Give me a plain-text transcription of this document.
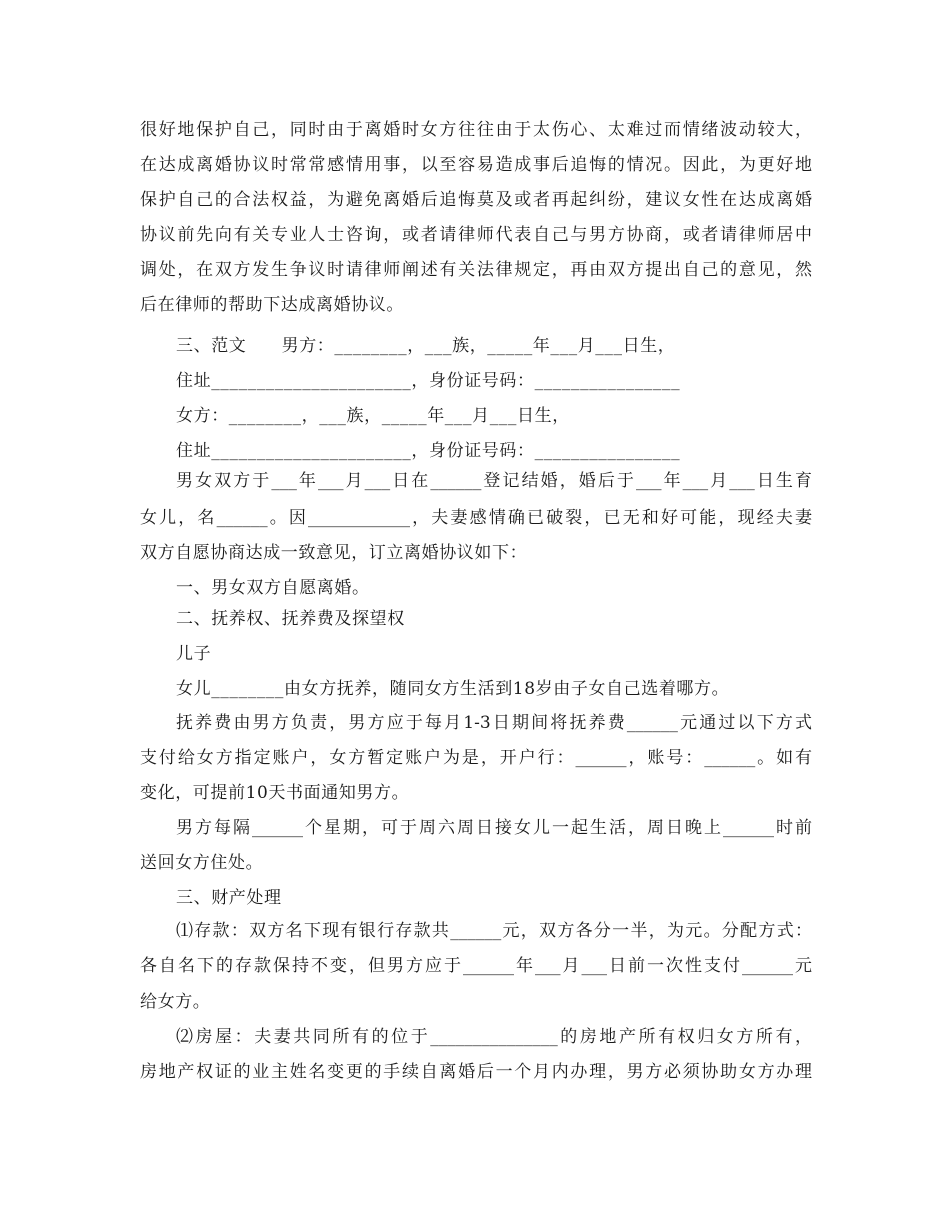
很好地保护自己，同时由于离婚时女方往往由于太伤心、太难过而情绪波动较大，
在达成离婚协议时常常感情用事，以至容易造成事后追悔的情况。因此，为更好地
保护自己的合法权益，为避免离婚后追悔莫及或者再起纠纷，建议女性在达成离婚
协议前先向有关专业人士咨询，或者请律师代表自己与男方协商，或者请律师居中
调处，在双方发生争议时请律师阐述有关法律规定，再由双方提出自己的意见，然
后在律师的帮助下达成离婚协议。
三、范文　　男方：________，___族，_____年___月___日生，
住址______________________，身份证号码：________________
女方：________，___族，_____年___月___日生，
住址______________________，身份证号码：________________
男女双方于___年___月___日在______登记结婚，婚后于___年___月___日生育
女儿，名______。因____________，夫妻感情确已破裂，已无和好可能，现经夫妻
双方自愿协商达成一致意见，订立离婚协议如下：
一、男女双方自愿离婚。
二、抚养权、抚养费及探望权
儿子
女儿________由女方抚养，随同女方生活到18岁由子女自己选着哪方。
抚养费由男方负责，男方应于每月1-3日期间将抚养费______元通过以下方式
支付给女方指定账户，女方暂定账户为是，开户行：______，账号：______。如有
变化，可提前10天书面通知男方。
男方每隔______个星期，可于周六周日接女儿一起生活，周日晚上______时前
送回女方住处。
三、财产处理
⑴存款：双方名下现有银行存款共______元，双方各分一半，为元。分配方式：
各自名下的存款保持不变，但男方应于______年___月___日前一次性支付______元
给女方。
⑵房屋：夫妻共同所有的位于_______________的房地产所有权归女方所有，
房地产权证的业主姓名变更的手续自离婚后一个月内办理，男方必须协助女方办理
